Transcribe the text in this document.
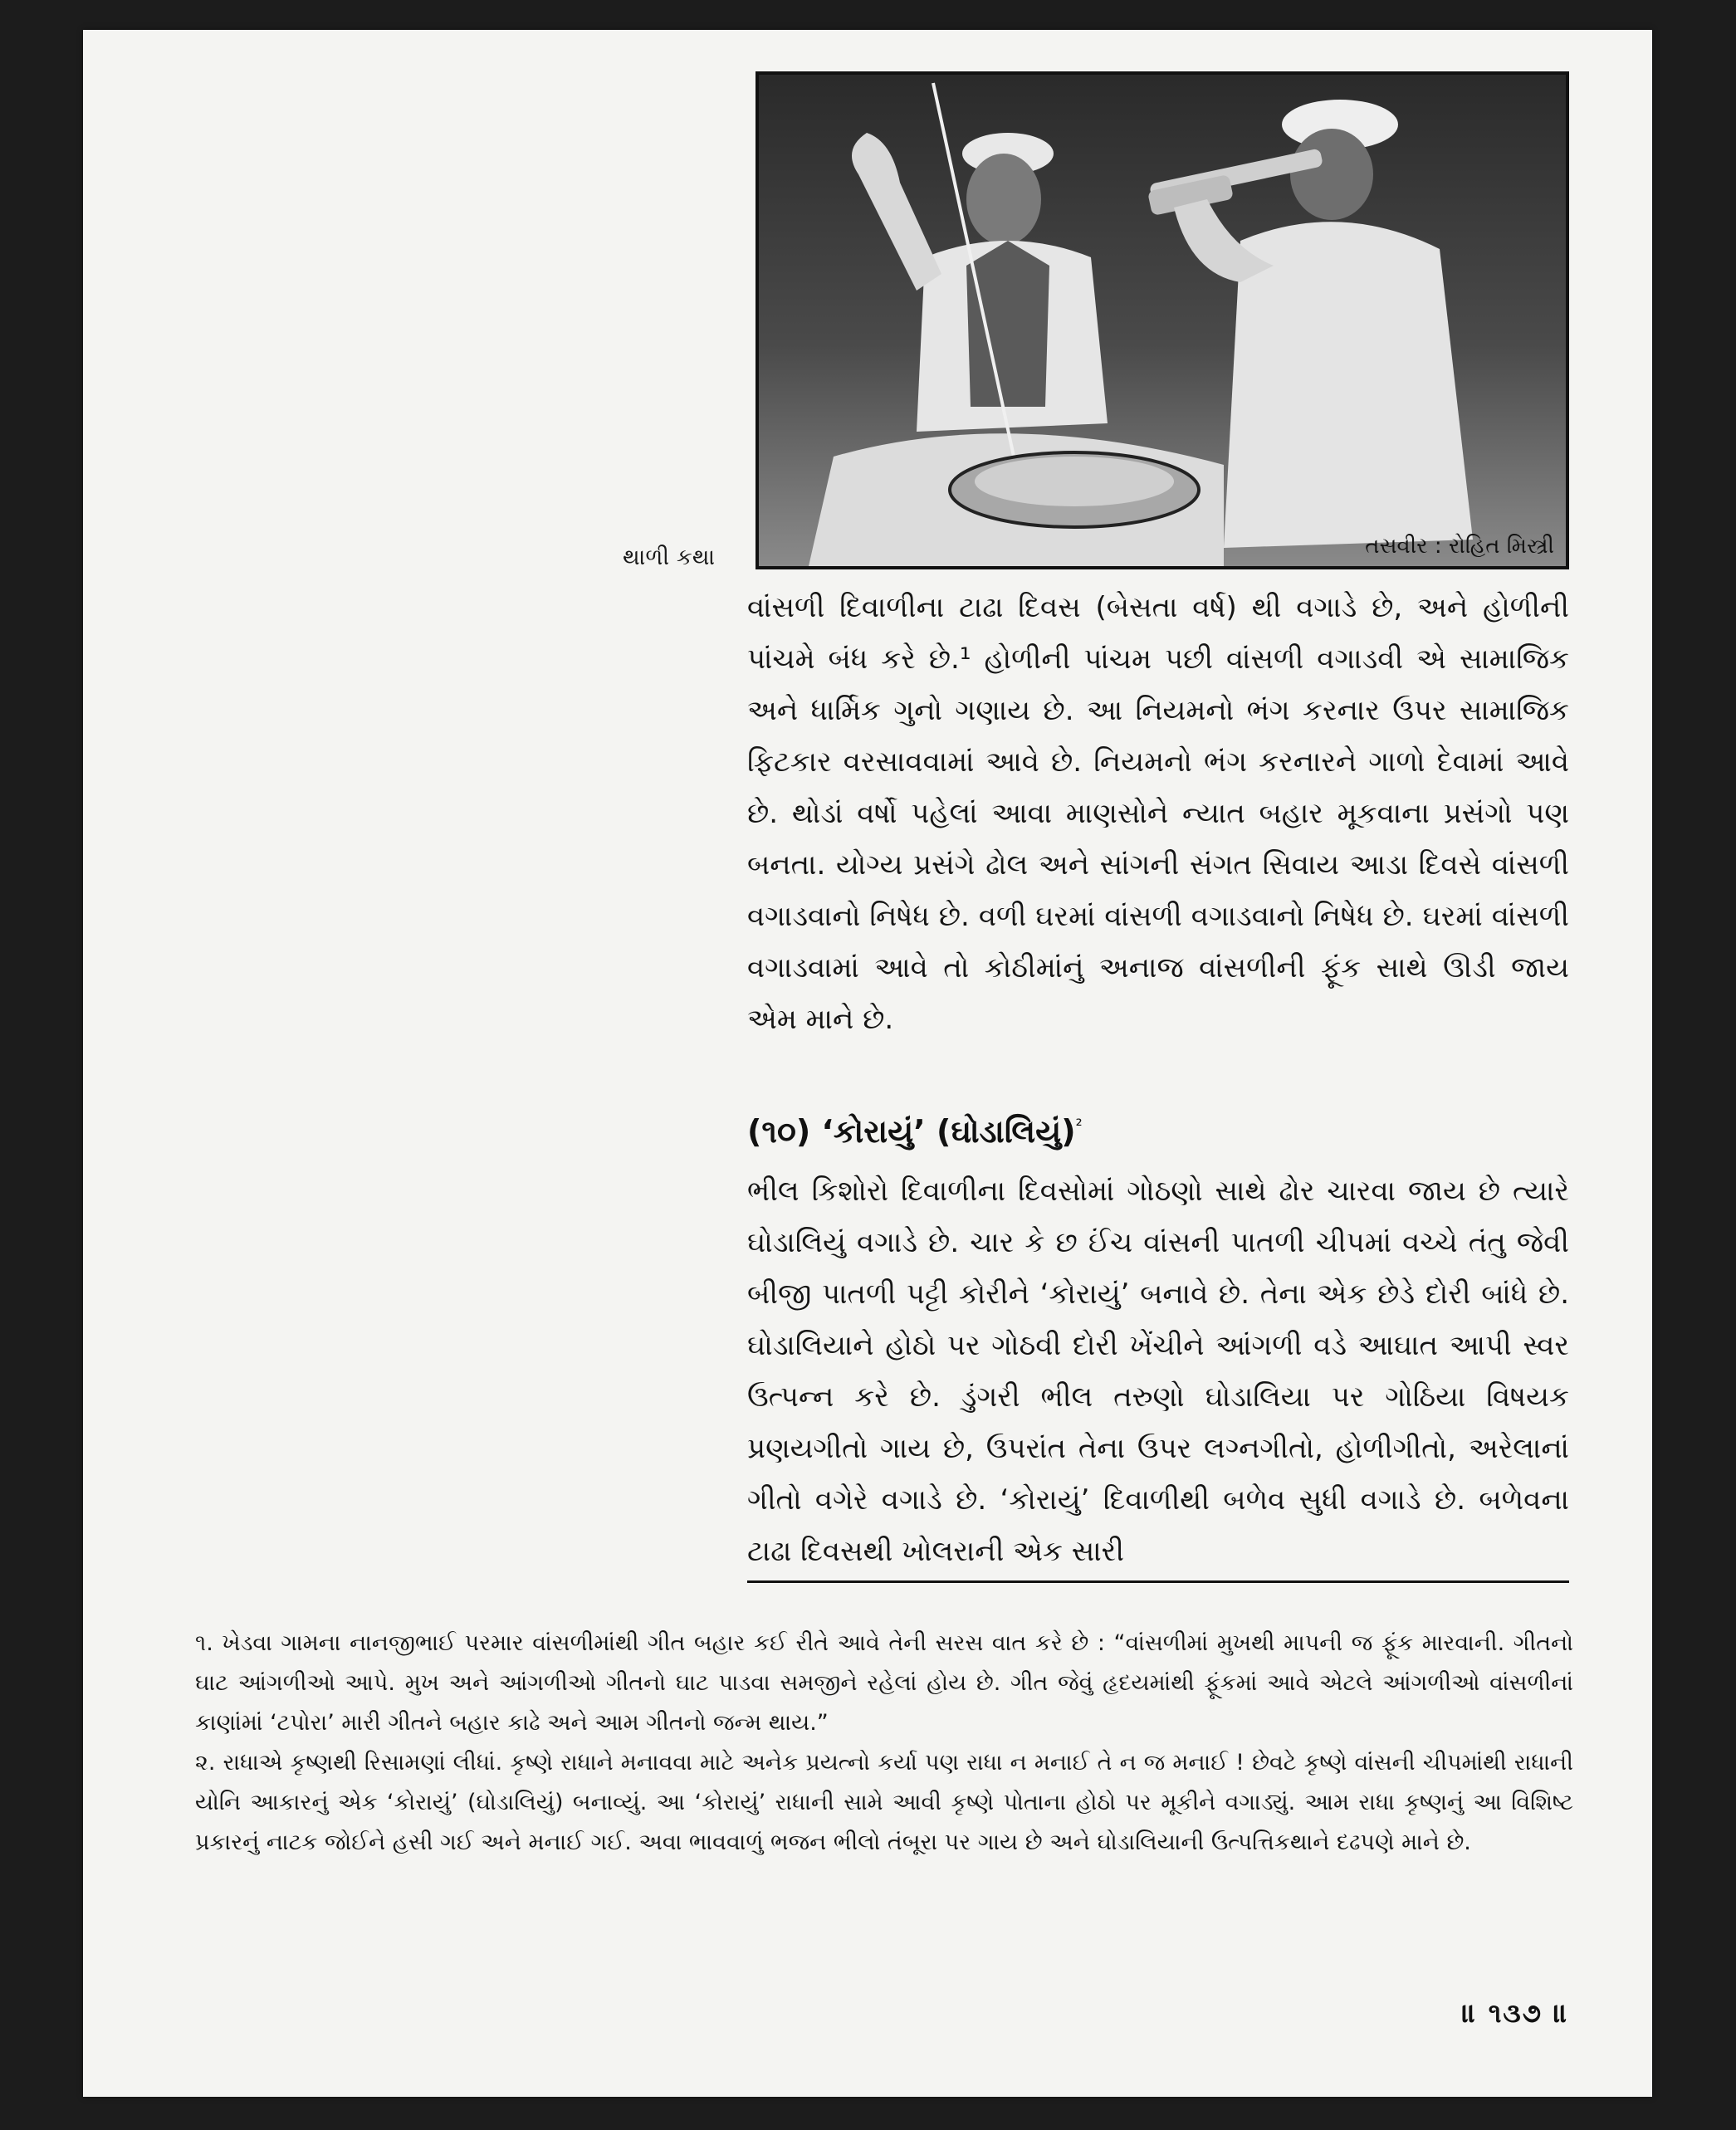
તસવીર : રોહિત મિસ્ત્રી
થાળી કથા

વાંસળી દિવાળીના ટાઢા દિવસ (બેસતા વર્ષ) થી વગાડે છે, અને હોળીની પાંચમે બંધ કરે છે.¹ હોળીની પાંચમ પછી વાંસળી વગાડવી એ સામાજિક અને ધાર્મિક ગુનો ગણાય છે. આ નિયમનો ભંગ કરનાર ઉપર સામાજિક ફિટકાર વરસાવવામાં આવે છે. નિયમનો ભંગ કરનારને ગાળો દેવામાં આવે છે. થોડાં વર્ષો પહેલાં આવા માણસોને ન્યાત બહાર મૂકવાના પ્રસંગો પણ બનતા. યોગ્ય પ્રસંગે ઢોલ અને સાંગની સંગત સિવાય આડા દિવસે વાંસળી વગાડવાનો નિષેધ છે. વળી ઘરમાં વાંસળી વગાડવાનો નિષેધ છે. ઘરમાં વાંસળી વગાડવામાં આવે તો કોઠીમાંનું અનાજ વાંસળીની ફૂંક સાથે ઊડી જાય એમ માને છે.

(૧૦) ‘કોરાયું’ (ઘોડાલિયું)$^{^2}$

ભીલ કિશોરો દિવાળીના દિવસોમાં ગોઠણો સાથે ઢોર ચારવા જાય છે ત્યારે ઘોડાલિયું વગાડે છે. ચાર કે છ ઈંચ વાંસની પાતળી ચીપમાં વચ્ચે તંતુ જેવી બીજી પાતળી પટ્ટી કોરીને ‘કોરાયું’ બનાવે છે. તેના એક છેડે દોરી બાંધે છે. ઘોડાલિયાને હોઠો પર ગોઠવી દોરી ખેંચીને આંગળી વડે આઘાત આપી સ્વર ઉત્પન્ન કરે છે. ડુંગરી ભીલ તરુણો ઘોડાલિયા પર ગોઠિયા વિષયક પ્રણયગીતો ગાય છે, ઉપરાંત તેના ઉપર લગ્નગીતો, હોળીગીતો, અરેલાનાં ગીતો વગેરે વગાડે છે. ‘કોરાયું’ દિવાળીથી બળેવ સુધી વગાડે છે. બળેવના ટાઢા દિવસથી ખોલરાની એક સારી

૧. ખેડવા ગામના નાનજીભાઈ પરમાર વાંસળીમાંથી ગીત બહાર કઈ રીતે આવે તેની સરસ વાત કરે છે : “વાંસળીમાં મુખથી માપની જ ફૂંક મારવાની. ગીતનો ઘાટ આંગળીઓ આપે. મુખ અને આંગળીઓ ગીતનો ઘાટ પાડવા સમજીને રહેલાં હોય છે. ગીત જેવું હૃદયમાંથી ફૂંકમાં આવે એટલે આંગળીઓ વાંસળીનાં કાણાંમાં ‘ટપોરા’ મારી ગીતને બહાર કાઢે અને આમ ગીતનો જન્મ થાય.”

૨. રાધાએ કૃષ્ણથી રિસામણાં લીધાં. કૃષ્ણે રાધાને મનાવવા માટે અનેક પ્રયત્નો કર્યા પણ રાધા ન મનાઈ તે ન જ મનાઈ ! છેવટે કૃષ્ણે વાંસની ચીપમાંથી રાધાની યોનિ આકારનું એક ‘કોરાયું’ (ઘોડાલિયું) બનાવ્યું. આ ‘કોરાયું’ રાધાની સામે આવી કૃષ્ણે પોતાના હોઠો પર મૂકીને વગાડ્યું. આમ રાધા કૃષ્ણનું આ વિશિષ્ટ પ્રકારનું નાટક જોઈને હસી ગઈ અને મનાઈ ગઈ. અવા ભાવવાળું ભજન ભીલો તંબૂરા પર ગાય છે અને ઘોડાલિયાની ઉત્પત્તિકથાને દઢપણે માને છે.

॥ ૧૩૭ ॥
